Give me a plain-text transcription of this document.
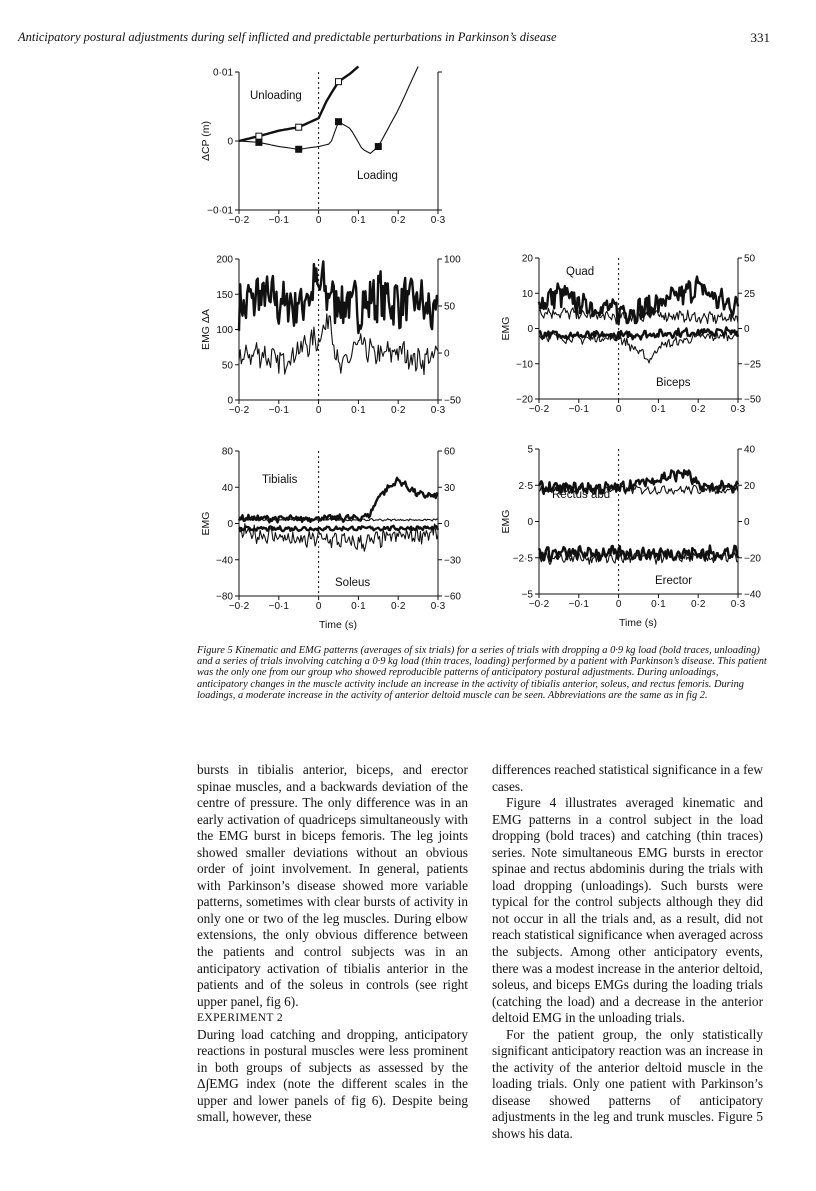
Anticipatory postural adjustments during self inflicted and predictable perturbations in Parkinson’s disease	331
−0·2 −0·1	0	0·1	0·2	0·3
0·01
0
−0·01
ΔCP (m)
Unloading
Loading
−0·2 −0·1	0	0·1	0·2	0·3
200
150
100
50
0
100
50
0
−50
EMG ΔA
−0·2 −0·1	0	0·1	0·2	0·3
20
10
0
−10
−20
50
25
0
−25
−50
EMG
Quad
Biceps
−0·2 −0·1	0	0·1	0·2	0·3
80
40
0
−40
−80
60
30
0
−30
−60
EMG
Time (s)
Tibialis
Soleus
−0·2 −0·1	0	0·1	0·2	0·3
5
2·5
0
−2·5
−5
40
20
0
−20
−40
EMG
Time (s)
Rectus abd
Erector

Figure 5 Kinematic and EMG patterns (averages of six trials) for a series of trials with dropping a 0·9 kg load (bold traces, unloading) and a series of trials involving catching a 0·9 kg load (thin traces, loading) performed by a patient with Parkinson’s disease. This patient was the only one from our group who showed reproducible patterns of anticipatory postural adjustments. During unloadings, anticipatory changes in the muscle activity include an increase in the activity of tibialis anterior, soleus, and rectus femoris. During loadings, a moderate increase in the activity of anterior deltoid muscle can be seen. Abbreviations are the same as in fig 2.

bursts in tibialis anterior, biceps, and erector spinae muscles, and a backwards deviation of the centre of pressure. The only difference was in an early activation of quadriceps simultaneously with the EMG burst in biceps femoris. The leg joints showed smaller deviations without an obvious order of joint involvement. In general, patients with Parkinson’s disease showed more variable patterns, sometimes with clear bursts of activity in only one or two of the leg muscles. During elbow extensions, the only obvious difference between the patients and control subjects was in an anticipatory activation of tibialis anterior in the patients and of the soleus in controls (see right upper panel, fig 6).

EXPERIMENT 2

During load catching and dropping, anticipatory reactions in postural muscles were less prominent in both groups of subjects as assessed by the Δ∫EMG index (note the different scales in the upper and lower panels of fig 6). Despite being small, however, these

differences reached statistical significance in a few cases.

Figure 4 illustrates averaged kinematic and EMG patterns in a control subject in the load dropping (bold traces) and catching (thin traces) series. Note simultaneous EMG bursts in erector spinae and rectus abdominis during the trials with load dropping (unloadings). Such bursts were typical for the control subjects although they did not occur in all the trials and, as a result, did not reach statistical significance when averaged across the subjects. Among other anticipatory events, there was a modest increase in the anterior deltoid, soleus, and biceps EMGs during the loading trials (catching the load) and a decrease in the anterior deltoid EMG in the unloading trials.

For the patient group, the only statistically significant anticipatory reaction was an increase in the activity of the anterior deltoid muscle in the loading trials. Only one patient with Parkinson’s disease showed patterns of anticipatory adjustments in the leg and trunk muscles. Figure 5 shows his data.
